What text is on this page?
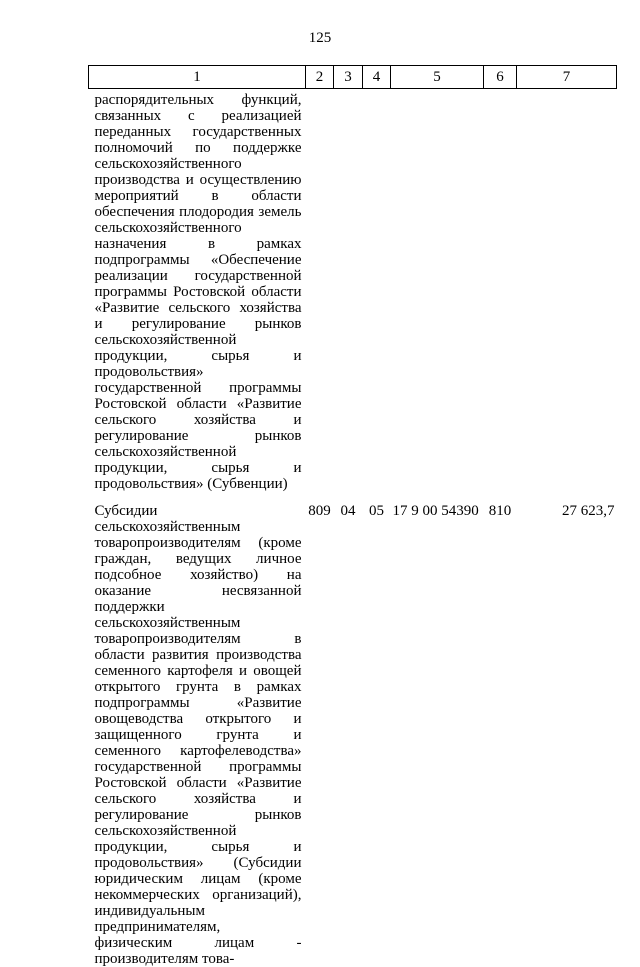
125
1	2	3	4	5	6	7
распорядительных функций, связанных с реализацией переданных государственных полномочий по поддержке сельскохозяйственного производства и осуществлению мероприятий в области обеспечения плодородия земель сельскохозяйственного назначения в рамках подпрограммы «Обеспечение реализации государственной программы Ростовской области «Развитие сельского хозяйства и регулирование рынков сельскохозяйственной продукции, сырья и продовольствия» государственной программы Ростовской области «Развитие сельского хозяйства и регулирование рынков сельскохозяйственной продукции, сырья и продовольствия» (Субвенции)						
Субсидии сельскохозяйственным товаропроизводителям (кроме граждан, ведущих личное подсобное хозяйство) на оказание несвязанной поддержки сельскохозяйственным товаропроизводителям в области развития производства семенного картофеля и овощей открытого грунта в рамках подпрограммы «Развитие овощеводства открытого и защищенного грунта и семенного картофелеводства» государственной программы Ростовской области «Развитие сельского хозяйства и регулирование рынков сельскохозяйственной продукции, сырья и продовольствия» (Субсидии юридическим лицам (кроме некоммерческих организаций), индивидуальным предпринимателям, физическим лицам - производителям това-	809	04	05	17 9 00 54390	810	27 623,7
